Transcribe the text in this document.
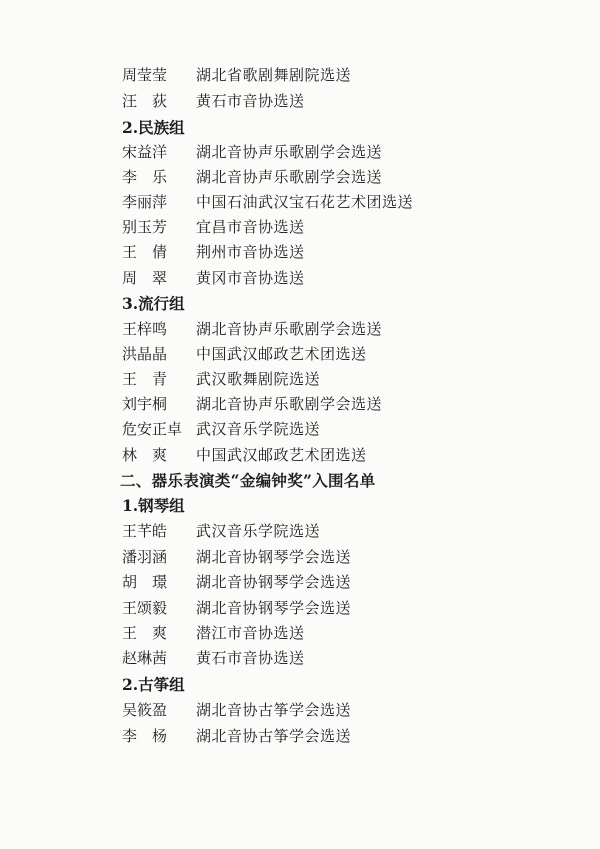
周莹莹	湖北省歌剧舞剧院选送
汪　荻	黄石市音协选送
2.民族组
宋益洋	湖北音协声乐歌剧学会选送
李　乐	湖北音协声乐歌剧学会选送
李丽萍	中国石油武汉宝石花艺术团选送
别玉芳	宜昌市音协选送
王　倩	荆州市音协选送
周　翠	黄冈市音协选送
3.流行组
王梓鸣	湖北音协声乐歌剧学会选送
洪晶晶	中国武汉邮政艺术团选送
王　青	武汉歌舞剧院选送
刘宇桐	湖北音协声乐歌剧学会选送
危安正卓 武汉音乐学院选送
林　爽	中国武汉邮政艺术团选送
二、器乐表演类“金编钟奖”入围名单
1.钢琴组
王芊皓	武汉音乐学院选送
潘羽涵	湖北音协钢琴学会选送
胡　璟	湖北音协钢琴学会选送
王颂毅	湖北音协钢琴学会选送
王　爽	潜江市音协选送
赵琳茜	黄石市音协选送
2.古筝组
吴筱盈	湖北音协古筝学会选送
李　杨	湖北音协古筝学会选送
